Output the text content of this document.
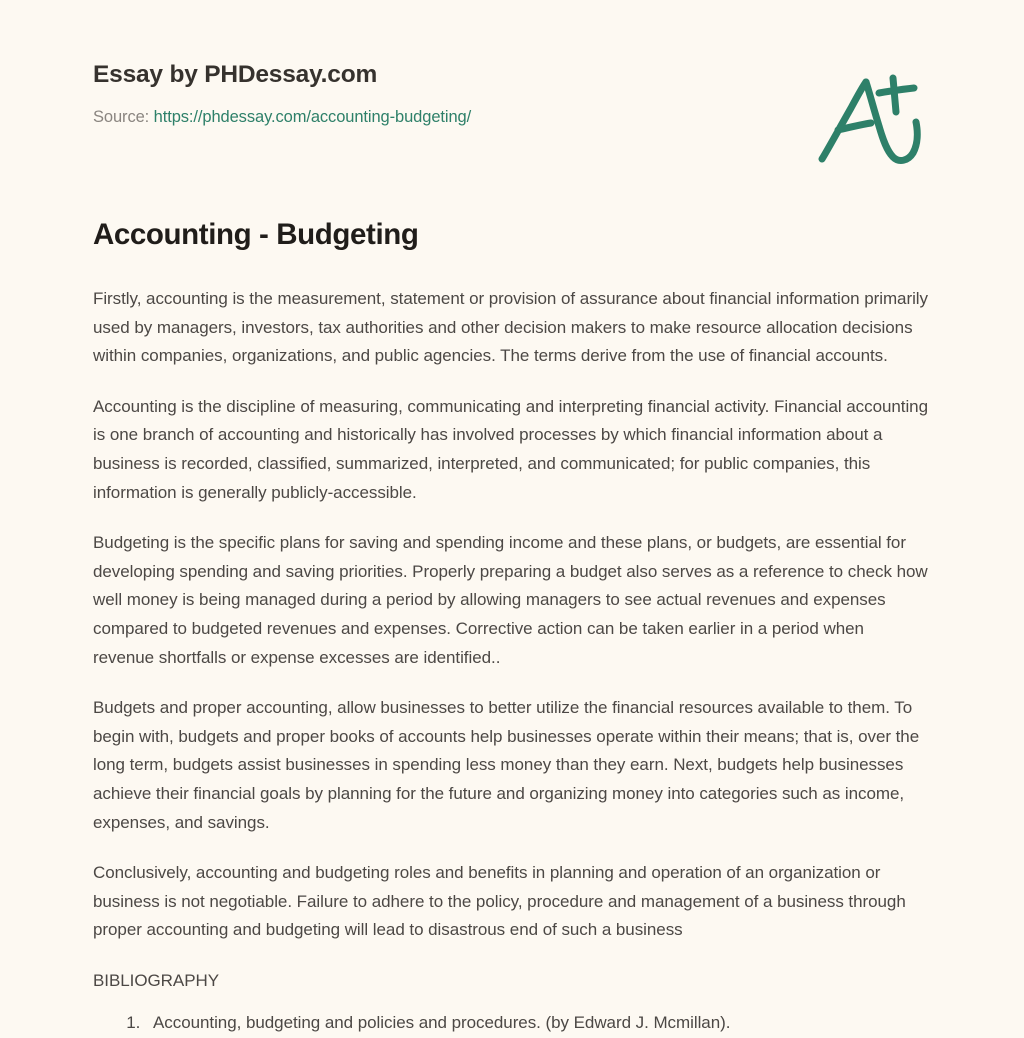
Essay by PHDessay.com
Source: https://phdessay.com/accounting-budgeting/
Accounting - Budgeting

Firstly, accounting is the measurement, statement or provision of assurance about financial information primarily used by managers, investors, tax authorities and other decision makers to make resource allocation decisions within companies, organizations, and public agencies. The terms derive from the use of financial accounts.

Accounting is the discipline of measuring, communicating and interpreting financial activity. Financial accounting is one branch of accounting and historically has involved processes by which financial information about a business is recorded, classified, summarized, interpreted, and communicated; for public companies, this information is generally publicly-accessible.

Budgeting is the specific plans for saving and spending income and these plans, or budgets, are essential for developing spending and saving priorities. Properly preparing a budget also serves as a reference to check how well money is being managed during a period by allowing managers to see actual revenues and expenses compared to budgeted revenues and expenses. Corrective action can be taken earlier in a period when revenue shortfalls or expense excesses are identified..

Budgets and proper accounting, allow businesses to better utilize the financial resources available to them. To begin with, budgets and proper books of accounts help businesses operate within their means; that is, over the long term, budgets assist businesses in spending less money than they earn. Next, budgets help businesses achieve their financial goals by planning for the future and organizing money into categories such as income, expenses, and savings.

Conclusively, accounting and budgeting roles and benefits in planning and operation of an organization or business is not negotiable. Failure to adhere to the policy, procedure and management of a business through proper accounting and budgeting will lead to disastrous end of such a business

BIBLIOGRAPHY
1. Accounting, budgeting and policies and procedures. (by Edward J. Mcmillan).
